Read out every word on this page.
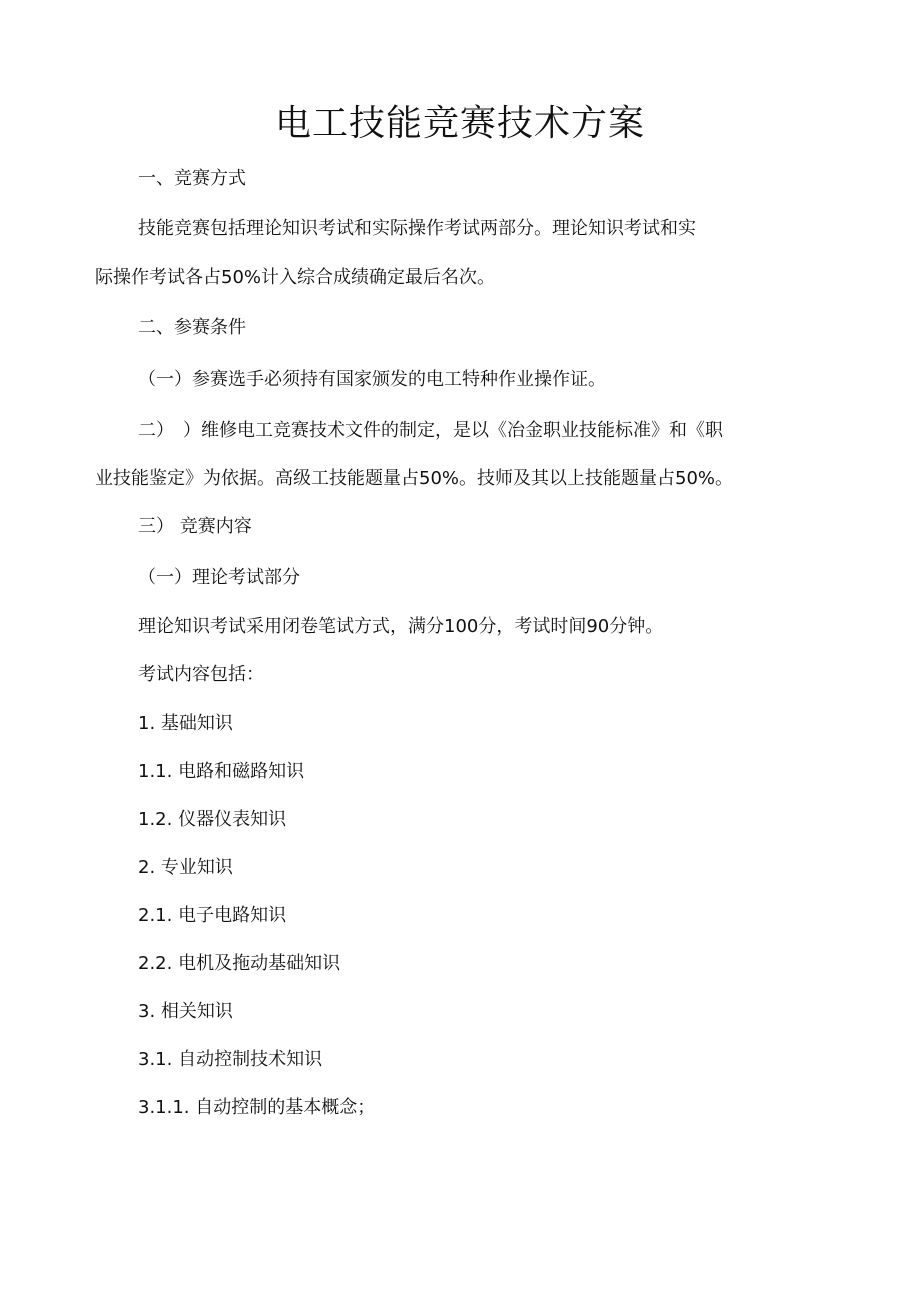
电工技能竞赛技术方案

一、竞赛方式

技能竞赛包括理论知识考试和实际操作考试两部分。理论知识考试和实

际操作考试各占50%计入综合成绩确定最后名次。

二、参赛条件

（一）参赛选手必须持有国家颁发的电工特种作业操作证。

二）　）维修电工竞赛技术文件的制定，是以《冶金职业技能标准》和《职

业技能鉴定》为依据。高级工技能题量占50%。技师及其以上技能题量占50%。

三） 竞赛内容

（一）理论考试部分

理论知识考试采用闭卷笔试方式，满分100分，考试时间90分钟。

考试内容包括：

1. 基础知识

1.1. 电路和磁路知识

1.2. 仪器仪表知识

2. 专业知识

2.1. 电子电路知识

2.2. 电机及拖动基础知识

3. 相关知识

3.1. 自动控制技术知识

3.1.1. 自动控制的基本概念；
